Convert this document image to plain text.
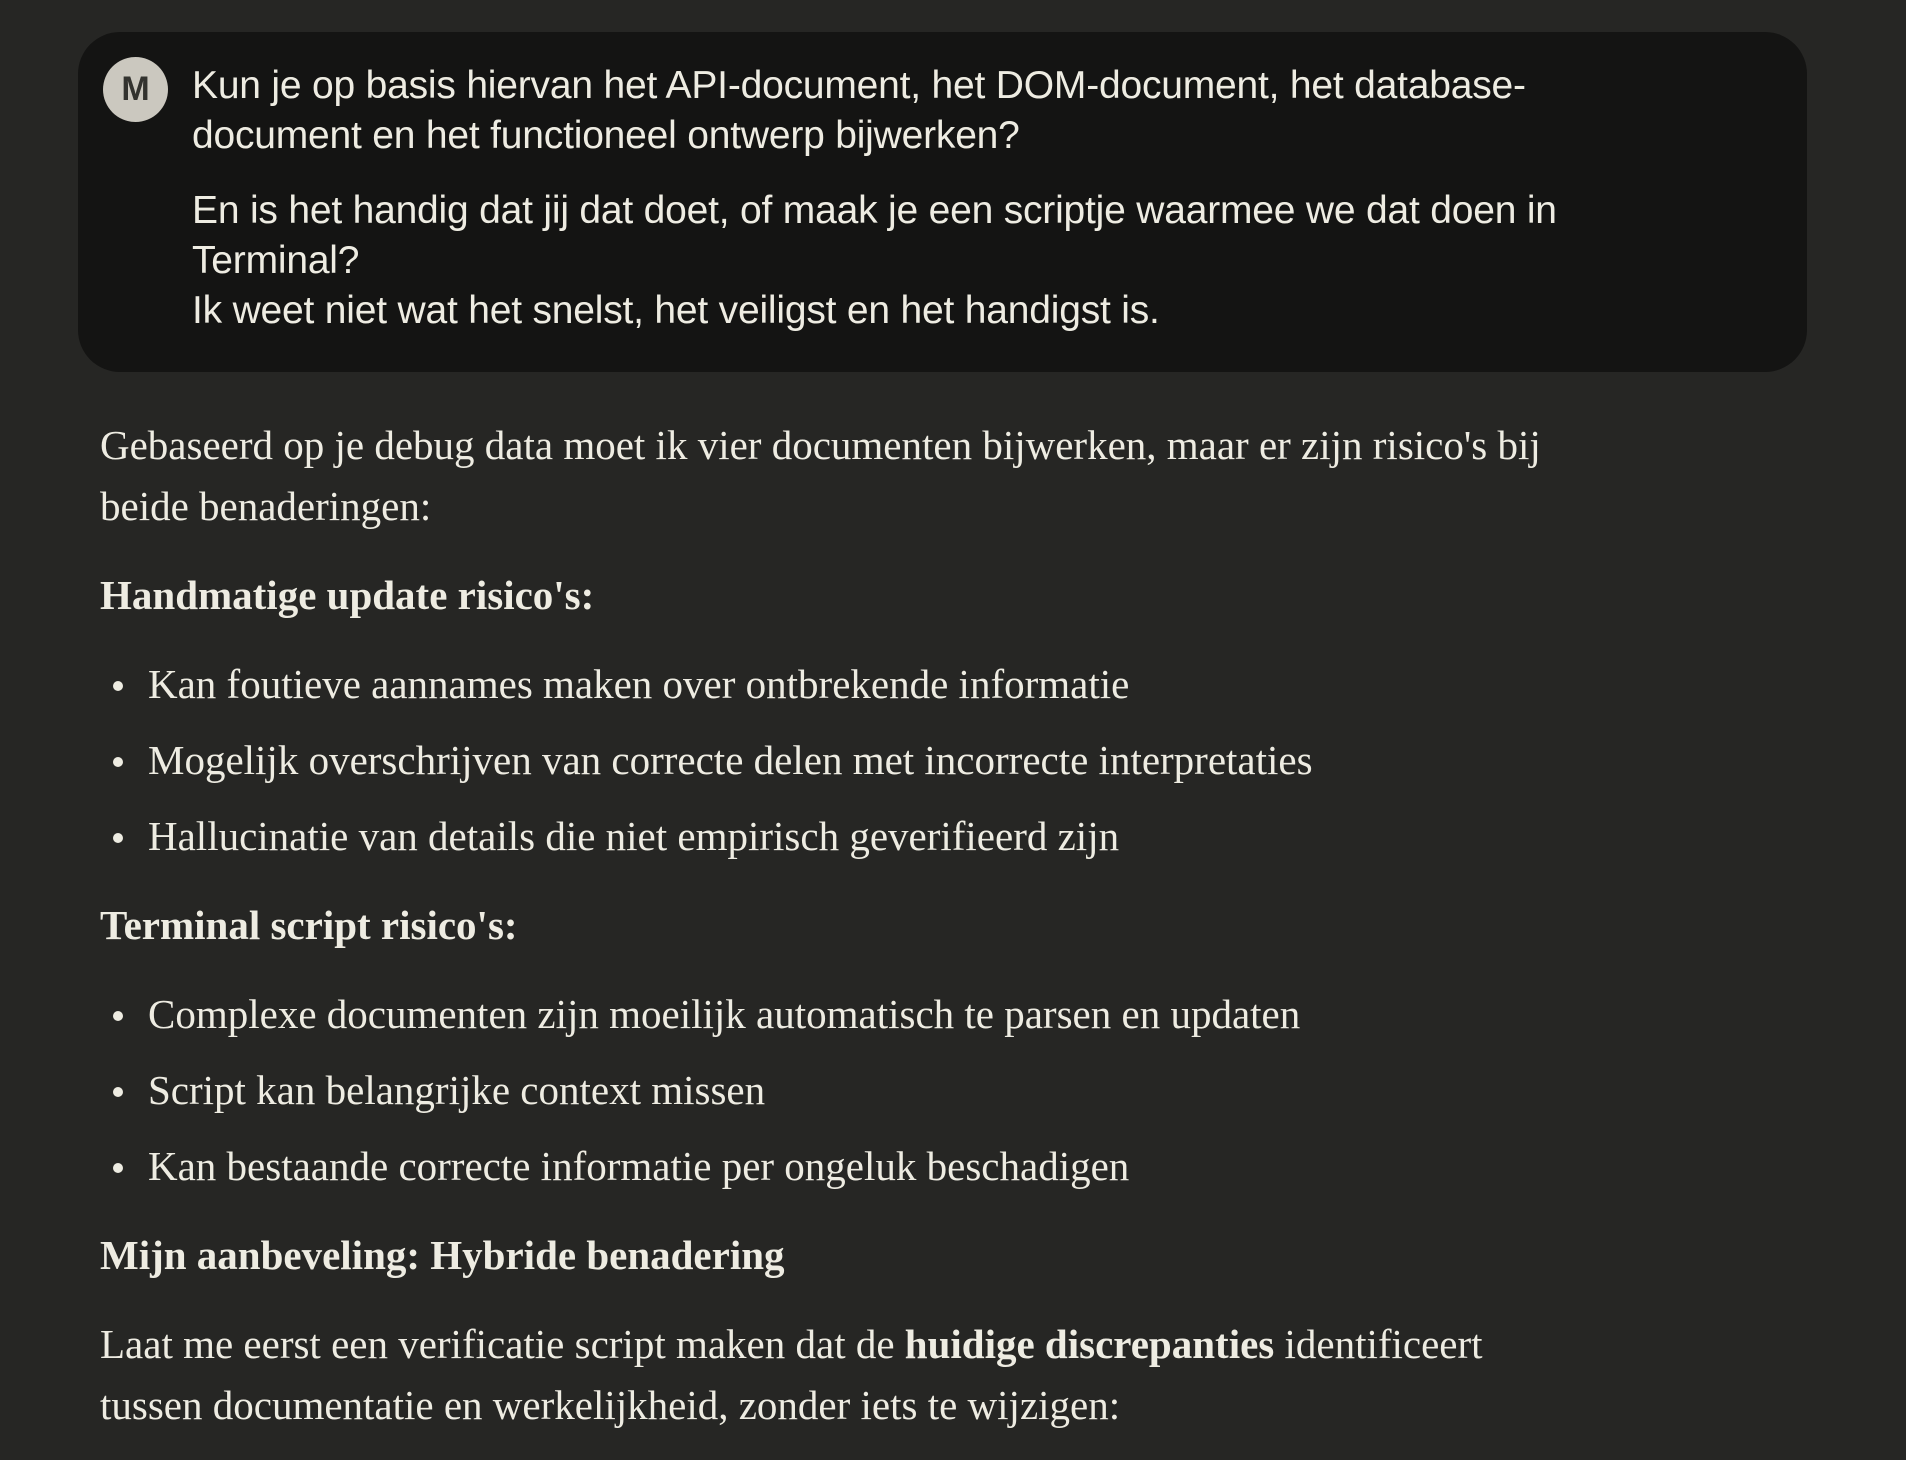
M Kun je op basis hiervan het API-document, het DOM-document, het database-
document en het functioneel ontwerp bijwerken?
En is het handig dat jij dat doet, of maak je een scriptje waarmee we dat doen in
Terminal?
Ik weet niet wat het snelst, het veiligst en het handigst is.
Gebaseerd op je debug data moet ik vier documenten bijwerken, maar er zijn risico's bij
beide benaderingen:
Handmatige update risico's:
Kan foutieve aannames maken over ontbrekende informatie
Mogelijk overschrijven van correcte delen met incorrecte interpretaties
Hallucinatie van details die niet empirisch geverifieerd zijn
Terminal script risico's:
Complexe documenten zijn moeilijk automatisch te parsen en updaten
Script kan belangrijke context missen
Kan bestaande correcte informatie per ongeluk beschadigen
Mijn aanbeveling: Hybride benadering
Laat me eerst een verificatie script maken dat de huidige discrepanties identificeert
tussen documentatie en werkelijkheid, zonder iets te wijzigen:
